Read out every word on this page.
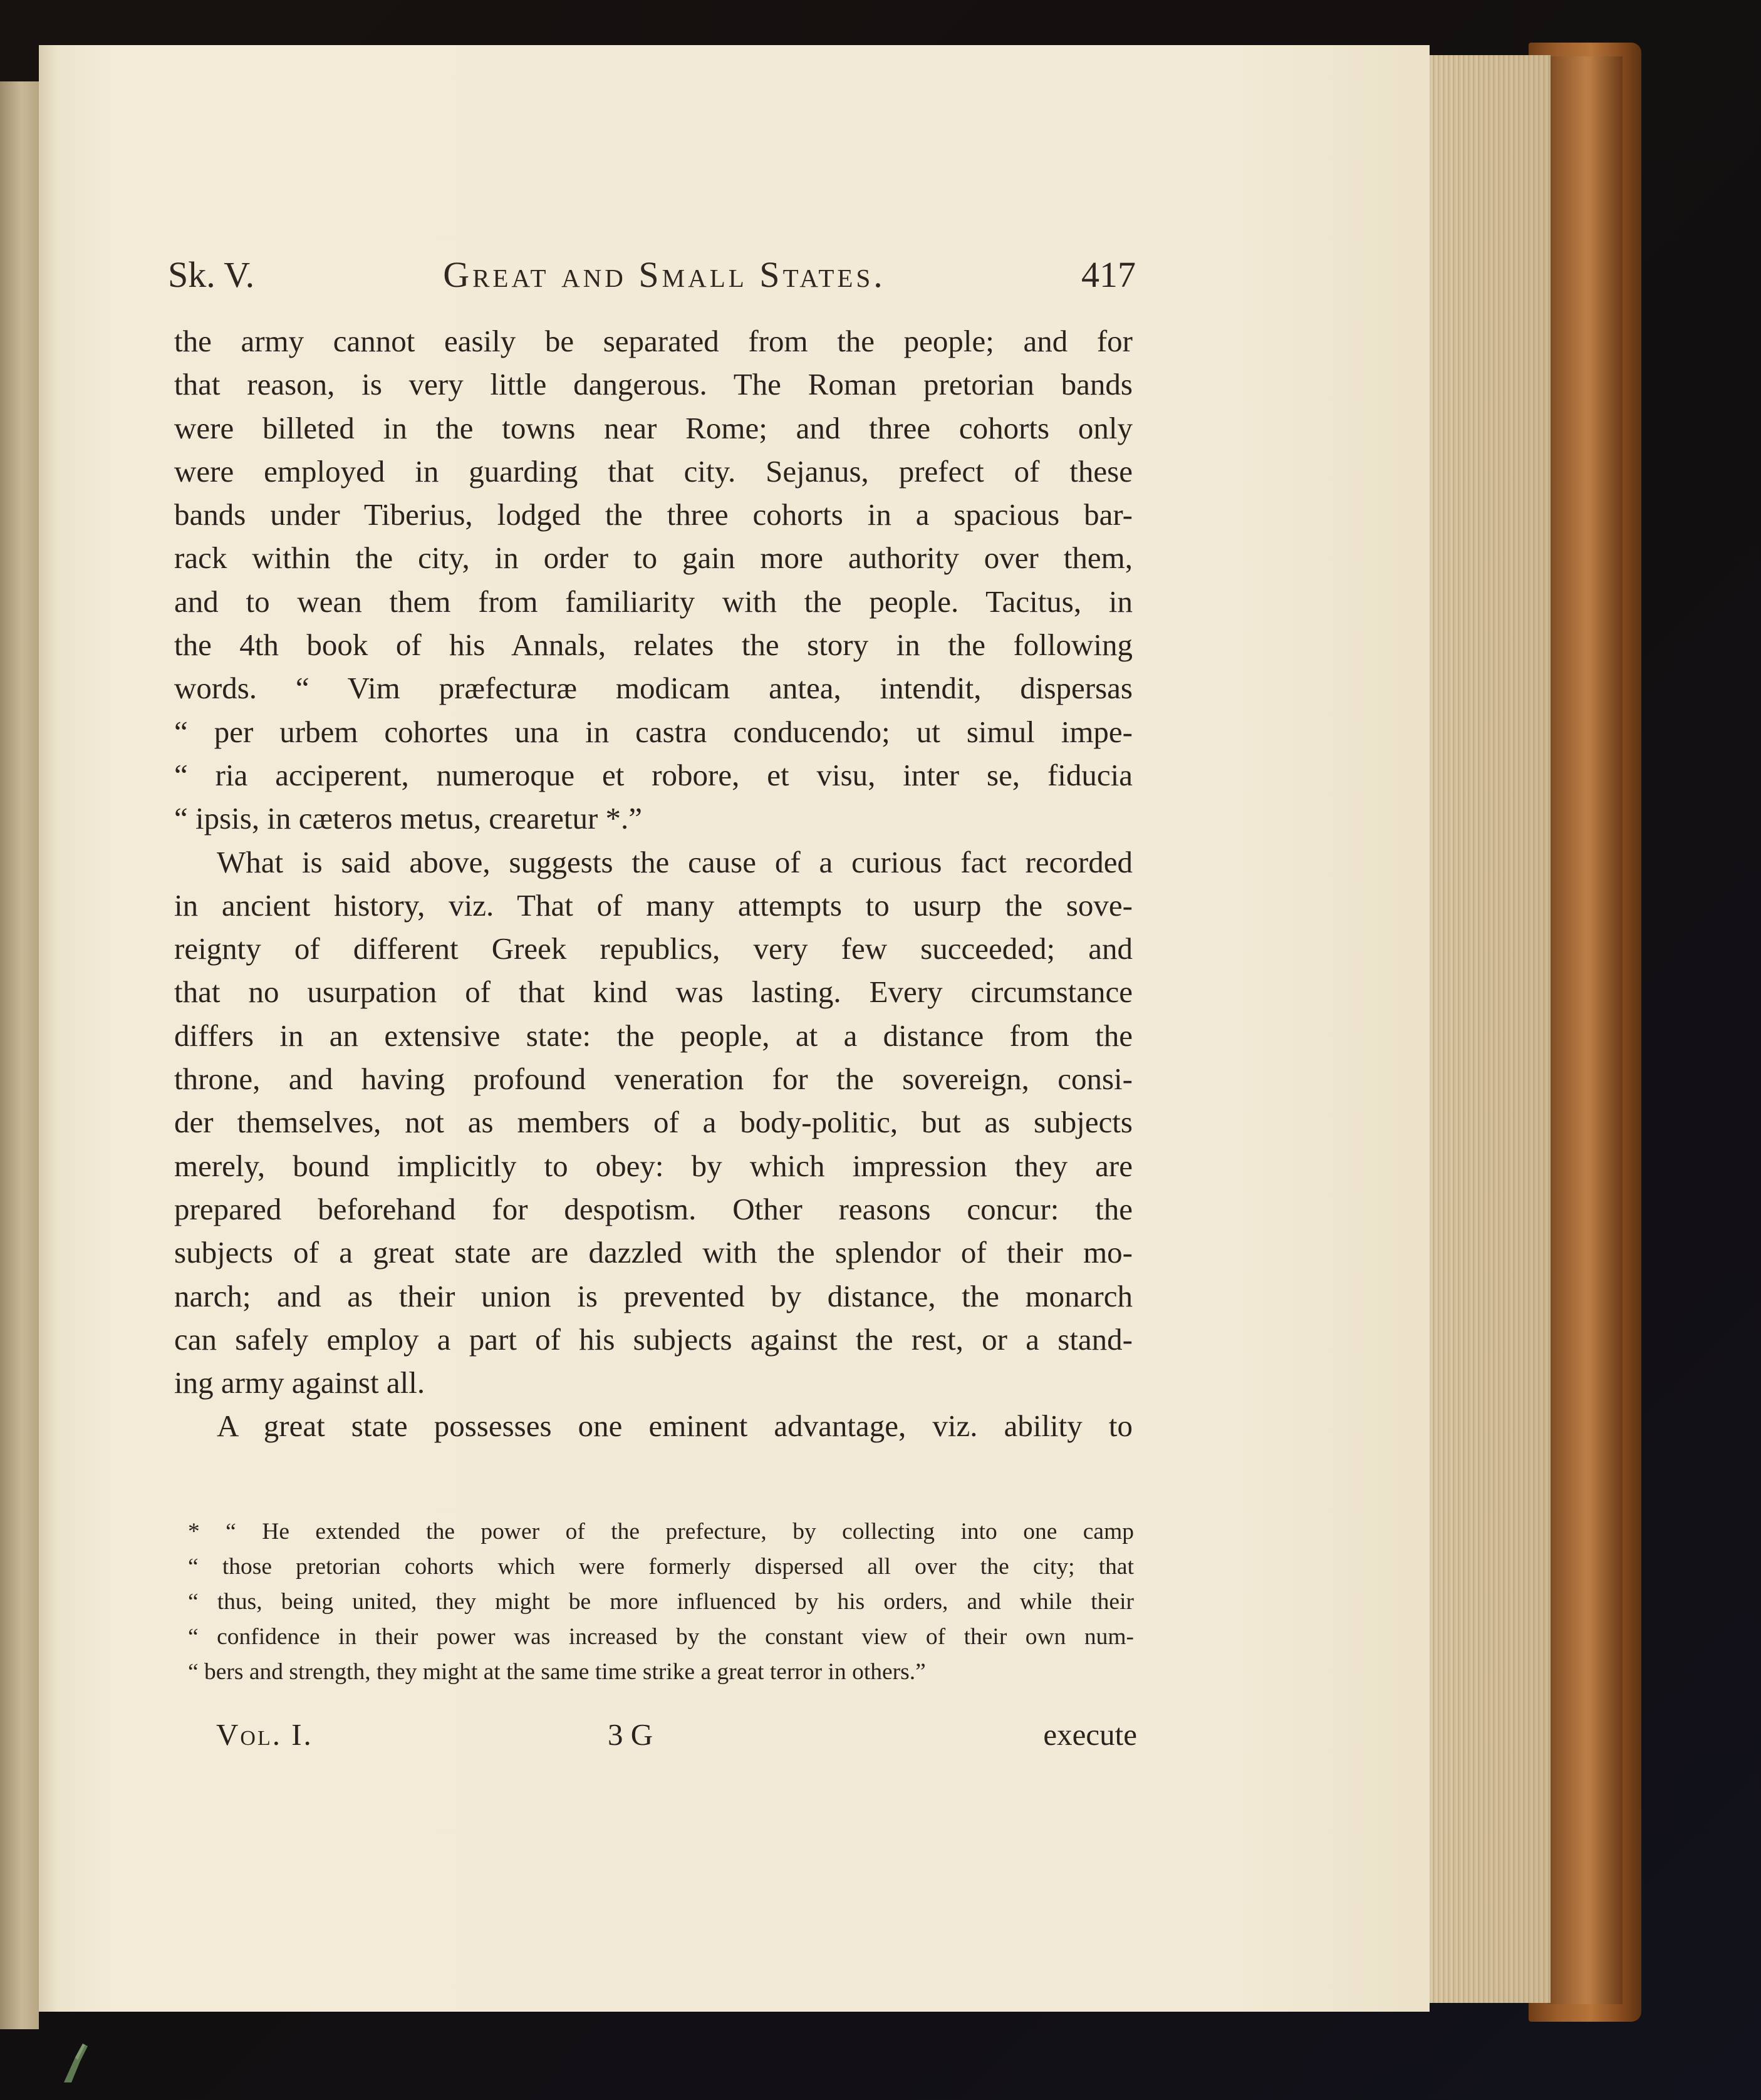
Sk. V.	Great and Small States.	417
the army cannot easily be separated from the people; and for
that reason, is very little dangerous. The Roman pretorian bands
were billeted in the towns near Rome; and three cohorts only
were employed in guarding that city. Sejanus, prefect of these
bands under Tiberius, lodged the three cohorts in a spacious bar-
rack within the city, in order to gain more authority over them,
and to wean them from familiarity with the people. Tacitus, in
the 4th book of his Annals, relates the story in the following
words. “ Vim præfecturæ modicam antea, intendit, dispersas
“ per urbem cohortes una in castra conducendo; ut simul impe-
“ ria acciperent, numeroque et robore, et visu, inter se, fiducia
“ ipsis, in cæteros metus, crearetur *.”
What is said above, suggests the cause of a curious fact recorded
in ancient history, viz. That of many attempts to usurp the sove-
reignty of different Greek republics, very few succeeded; and
that no usurpation of that kind was lasting. Every circumstance
differs in an extensive state: the people, at a distance from the
throne, and having profound veneration for the sovereign, consi-
der themselves, not as members of a body-politic, but as subjects
merely, bound implicitly to obey: by which impression they are
prepared beforehand for despotism. Other reasons concur: the
subjects of a great state are dazzled with the splendor of their mo-
narch; and as their union is prevented by distance, the monarch
can safely employ a part of his subjects against the rest, or a stand-
ing army against all.
A great state possesses one eminent advantage, viz. ability to
* “ He extended the power of the prefecture, by collecting into one camp
“ those pretorian cohorts which were formerly dispersed all over the city; that
“ thus, being united, they might be more influenced by his orders, and while their
“ confidence in their power was increased by the constant view of their own num-
“ bers and strength, they might at the same time strike a great terror in others.”
Vol. I.	3 G	execute
